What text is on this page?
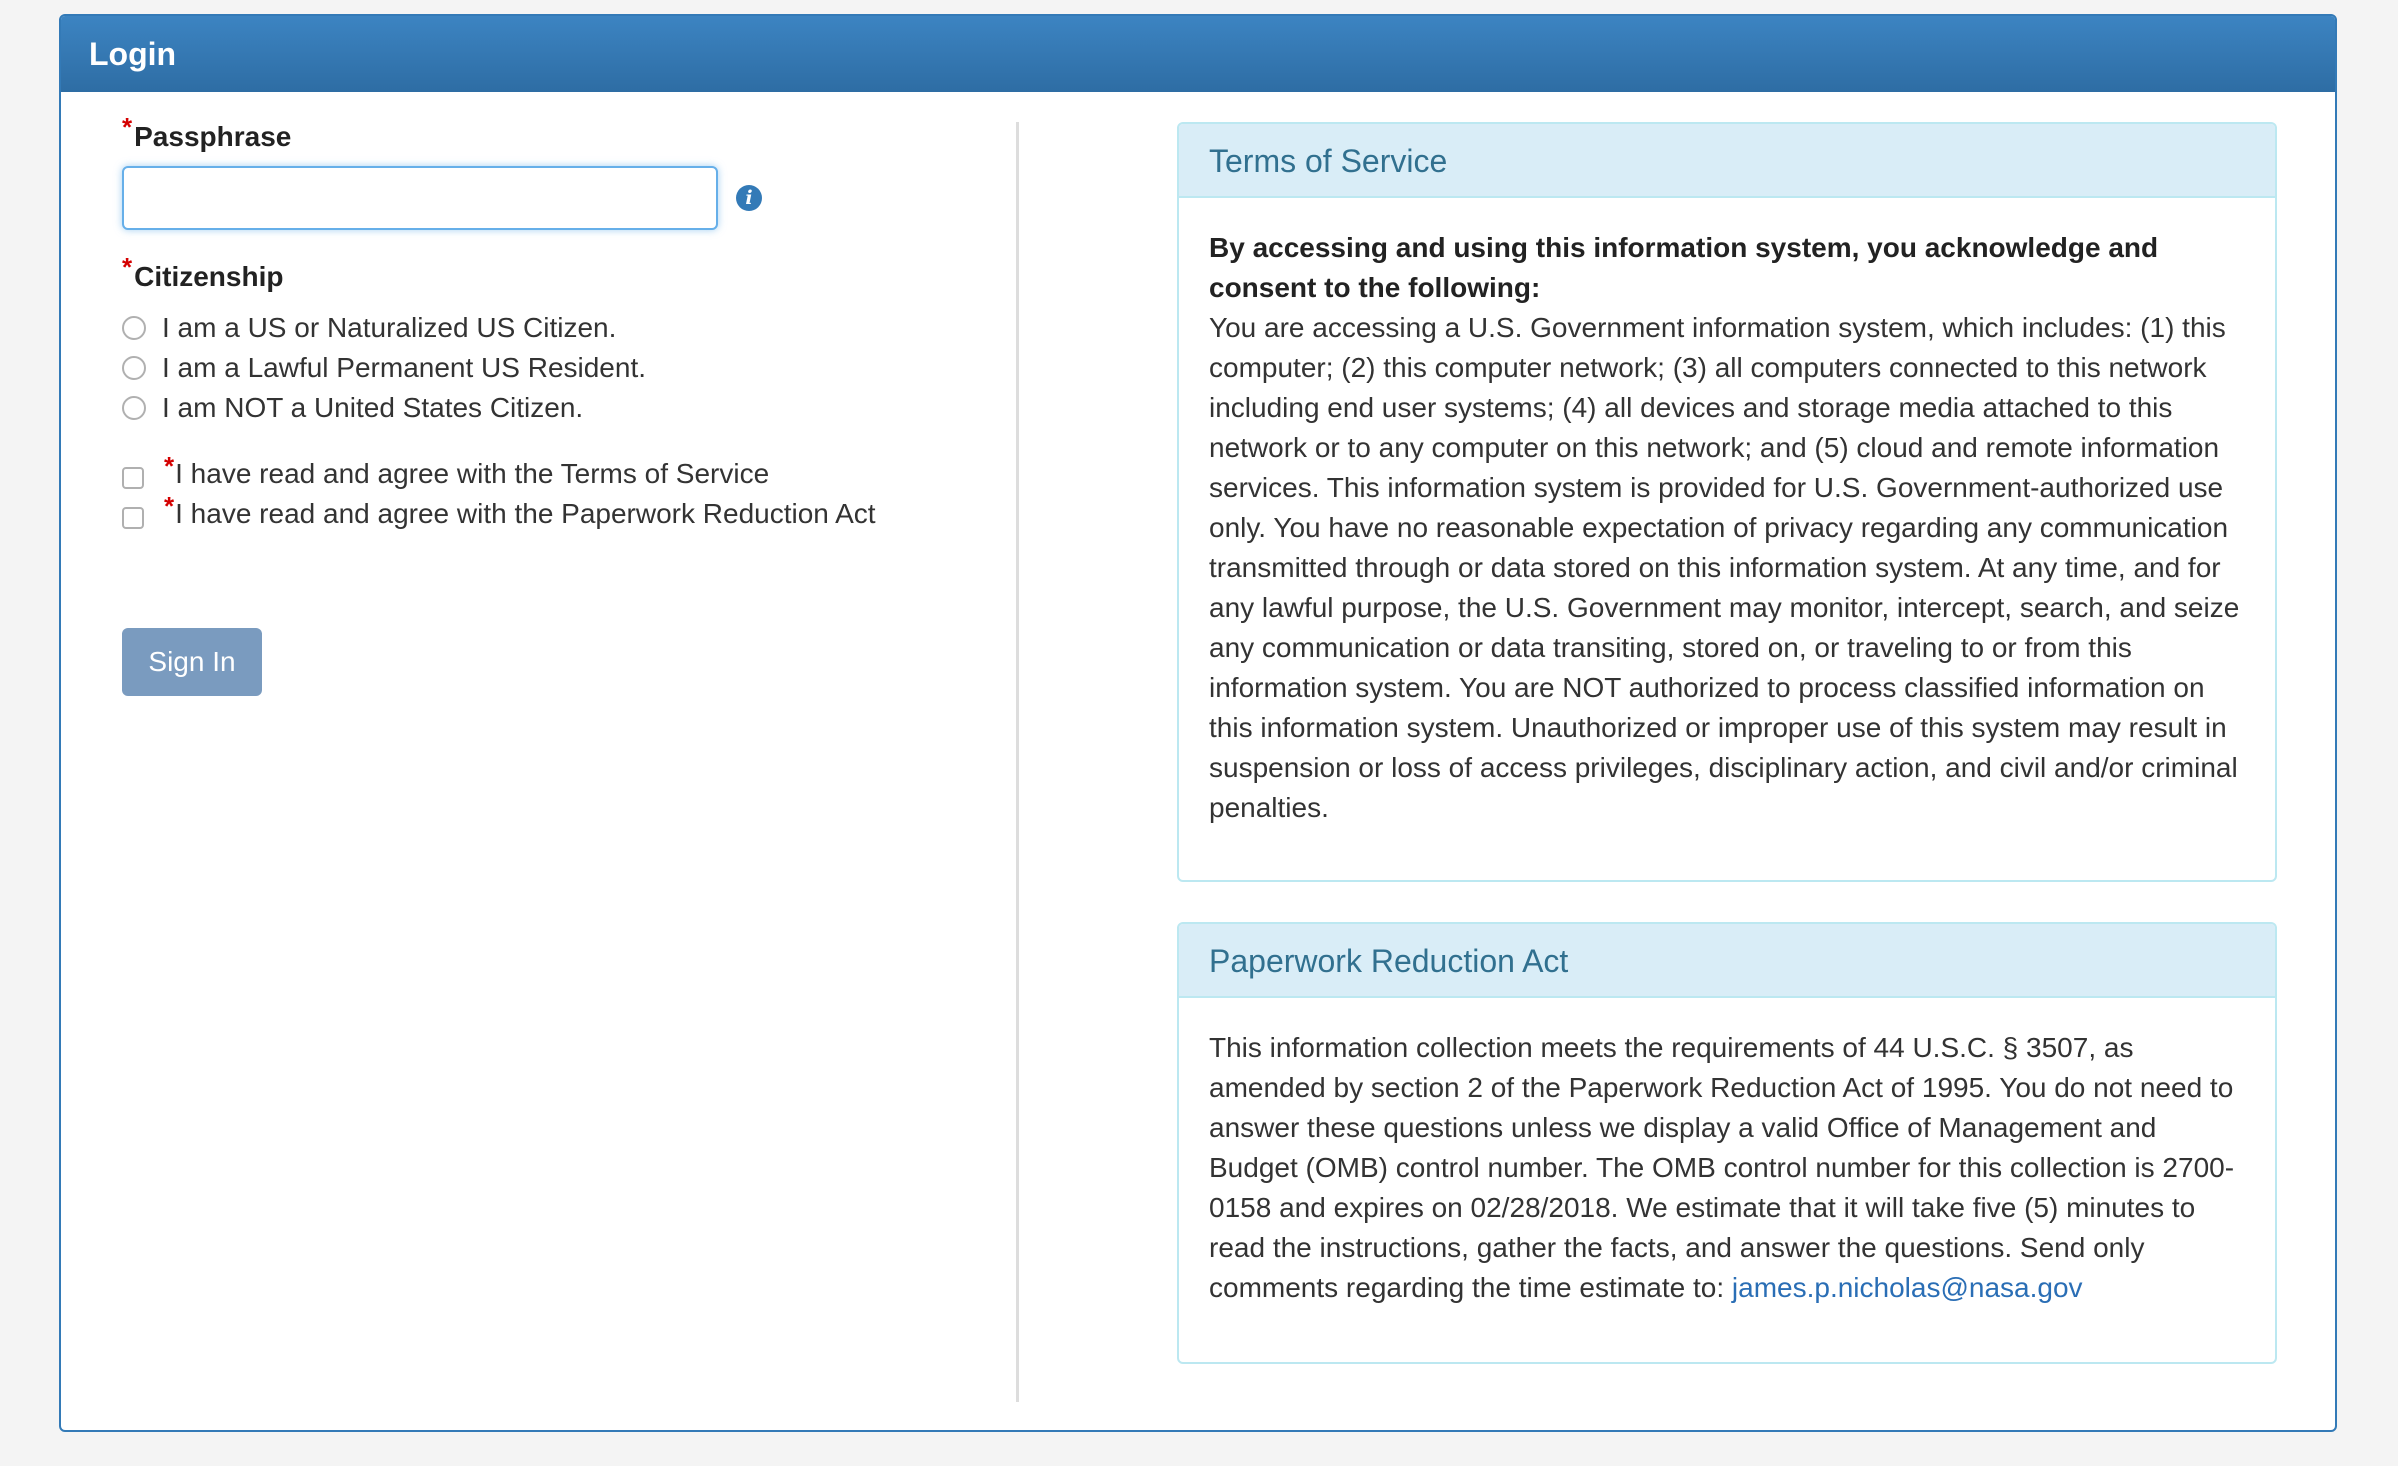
Login
*Passphrase
i
*Citizenship
I am a US or Naturalized US Citizen.
I am a Lawful Permanent US Resident.
I am NOT a United States Citizen.
* I have read and agree with the Terms of Service
* I have read and agree with the Paperwork Reduction Act
Sign In
Terms of Service
By accessing and using this information system, you acknowledge and consent to the following:
You are accessing a U.S. Government information system, which includes: (1) this computer; (2) this computer network; (3) all computers connected to this network including end user systems; (4) all devices and storage media attached to this network or to any computer on this network; and (5) cloud and remote information services. This information system is provided for U.S. Government-authorized use only. You have no reasonable expectation of privacy regarding any communication transmitted through or data stored on this information system. At any time, and for any lawful purpose, the U.S. Government may monitor, intercept, search, and seize any communication or data transiting, stored on, or traveling to or from this information system. You are NOT authorized to process classified information on this information system. Unauthorized or improper use of this system may result in suspension or loss of access privileges, disciplinary action, and civil and/or criminal penalties.
Paperwork Reduction Act
This information collection meets the requirements of 44 U.S.C. § 3507, as amended by section 2 of the Paperwork Reduction Act of 1995. You do not need to answer these questions unless we display a valid Office of Management and Budget (OMB) control number. The OMB control number for this collection is 2700-0158 and expires on 02/28/2018. We estimate that it will take five (5) minutes to read the instructions, gather the facts, and answer the questions. Send only comments regarding the time estimate to: james.p.nicholas@nasa.gov
